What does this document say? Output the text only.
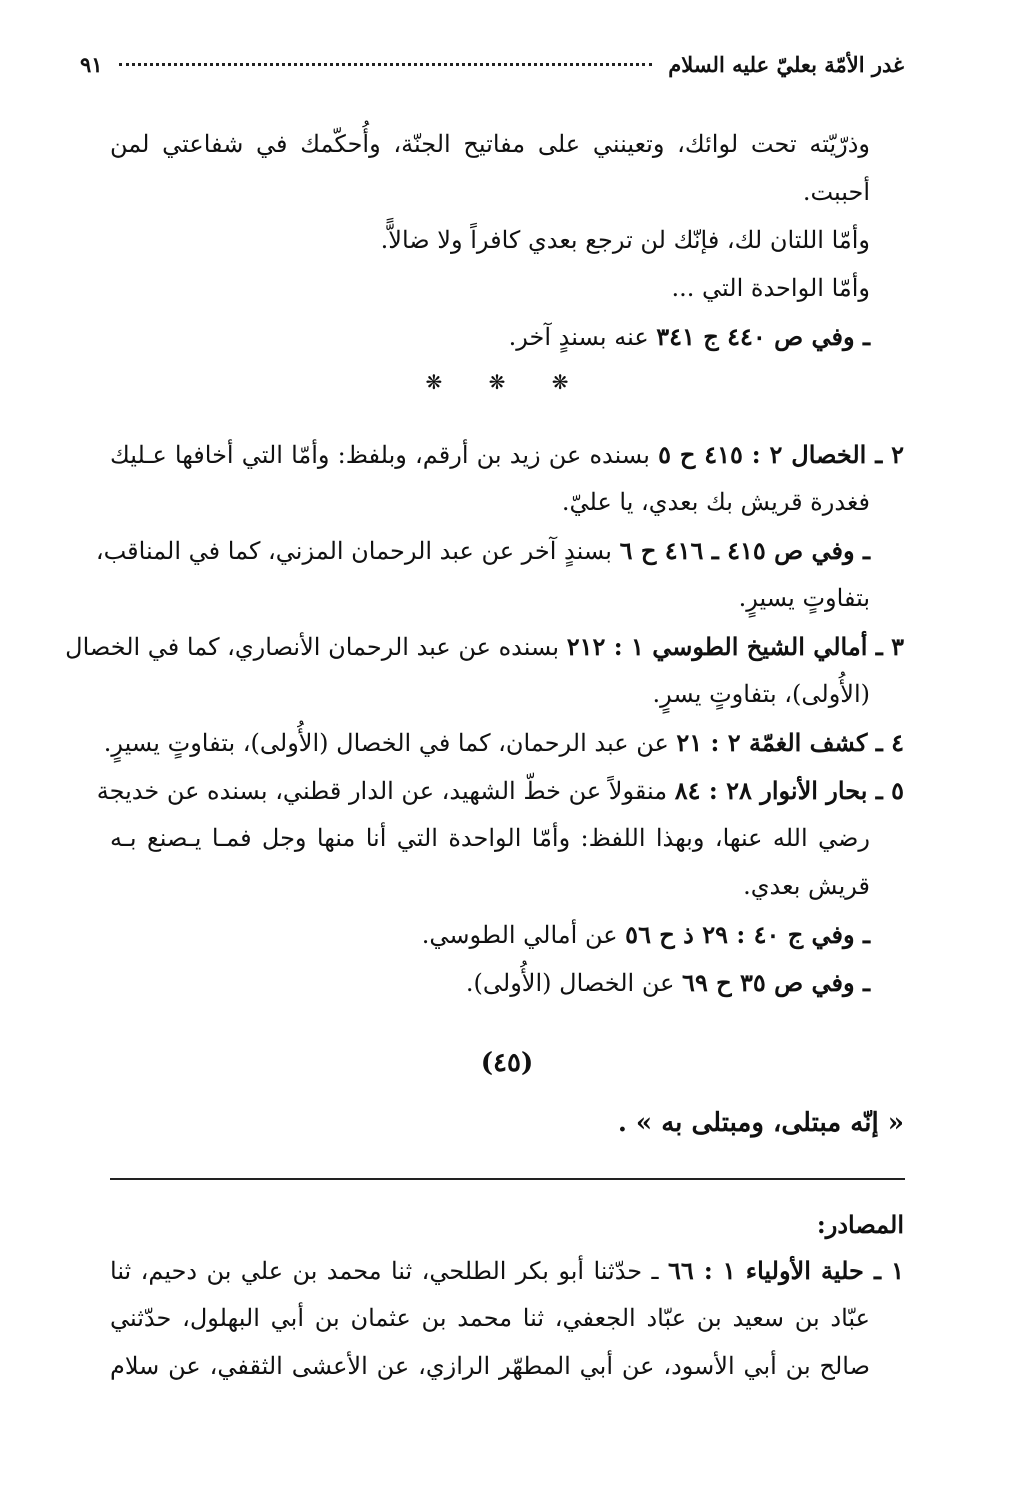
غدر الأمّة بعليّ عليه السلام
٩١
وذرّيّته تحت لوائك، وتعينني على مفاتيح الجنّة، وأُحكّمك في شفاعتي لمن
أحببت.
وأمّا اللتان لك، فإنّك لن ترجع بعدي كافراً ولا ضالاًّ.
وأمّا الواحدة التي ...
ـ وفي ص ٤٤٠ ج ٣٤١ عنه بسندٍ آخر.
٢ ـ الخصال ٢ : ٤١٥ ح ٥ بسنده عن زيد بن أرقم، وبلفظ: وأمّا التي أخافها عـليك
فغدرة قريش بك بعدي، يا عليّ.
ـ وفي ص ٤١٥ ـ ٤١٦ ح ٦ بسندٍ آخر عن عبد الرحمان المزني، كما في المناقب،
بتفاوتٍ يسيرٍ.
٣ ـ أمالي الشيخ الطوسي ١ : ٢١٢ بسنده عن عبد الرحمان الأنصاري، كما في الخصال
(الأُولى)، بتفاوتٍ يسرٍ.
٤ ـ كشف الغمّة ٢ : ٢١ عن عبد الرحمان، كما في الخصال (الأُولى)، بتفاوتٍ يسيرٍ.
٥ ـ بحار الأنوار ٢٨ : ٨٤ منقولاً عن خطّ الشهيد، عن الدار قطني، بسنده عن خديجة
رضي الله عنها، وبهذا اللفظ: وأمّا الواحدة التي أنا منها وجل فمـا يـصنع بـه
قريش بعدي.
ـ وفي ج ٤٠ : ٢٩ ذ ح ٥٦ عن أمالي الطوسي.
ـ وفي ص ٣٥ ح ٦٩ عن الخصال (الأُولى).
❋ ❋ ❋
(٤٥)
« إنّه مبتلى، ومبتلى به » .
المصادر:
١ ـ حلية الأولياء ١ : ٦٦ ـ حدّثنا أبو بكر الطلحي، ثنا محمد بن علي بن دحيم، ثنا
عبّاد بن سعيد بن عبّاد الجعفي، ثنا محمد بن عثمان بن أبي البهلول، حدّثني
صالح بن أبي الأسود، عن أبي المطهّر الرازي، عن الأعشى الثقفي، عن سلام
